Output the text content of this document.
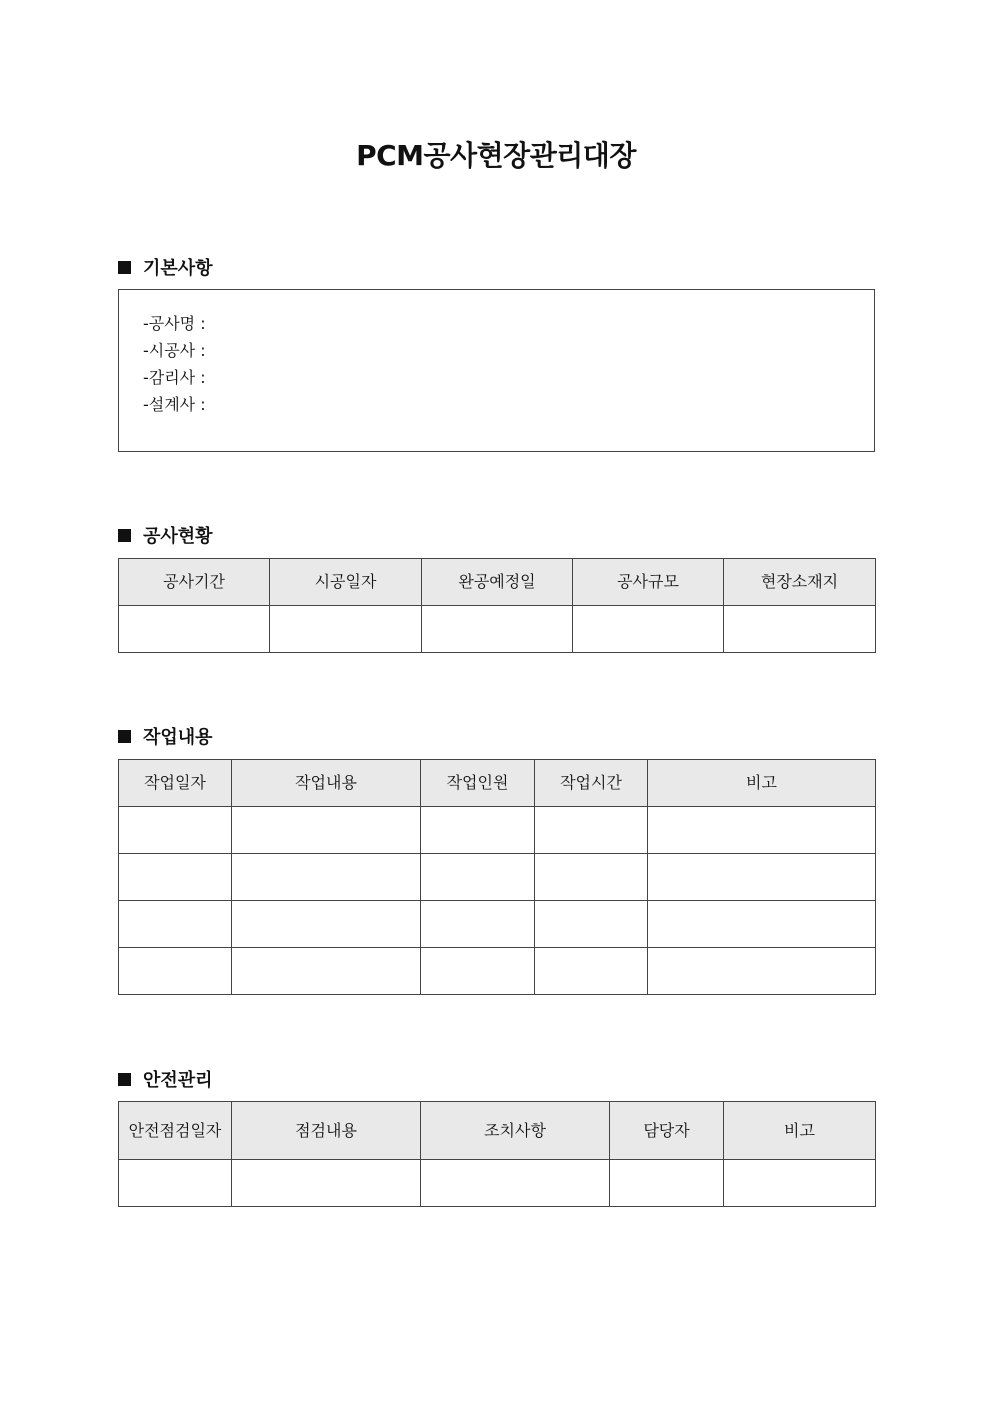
PCM공사현장관리대장
기본사항
-공사명 :
-시공사 :
-감리사 :
-설계사 :
공사현황
공사기간	시공일자	완공예정일	공사규모	현장소재지

작업내용
작업일자	작업내용	작업인원	작업시간	비고

안전관리
안전점검일자	점검내용	조치사항	담당자	비고
